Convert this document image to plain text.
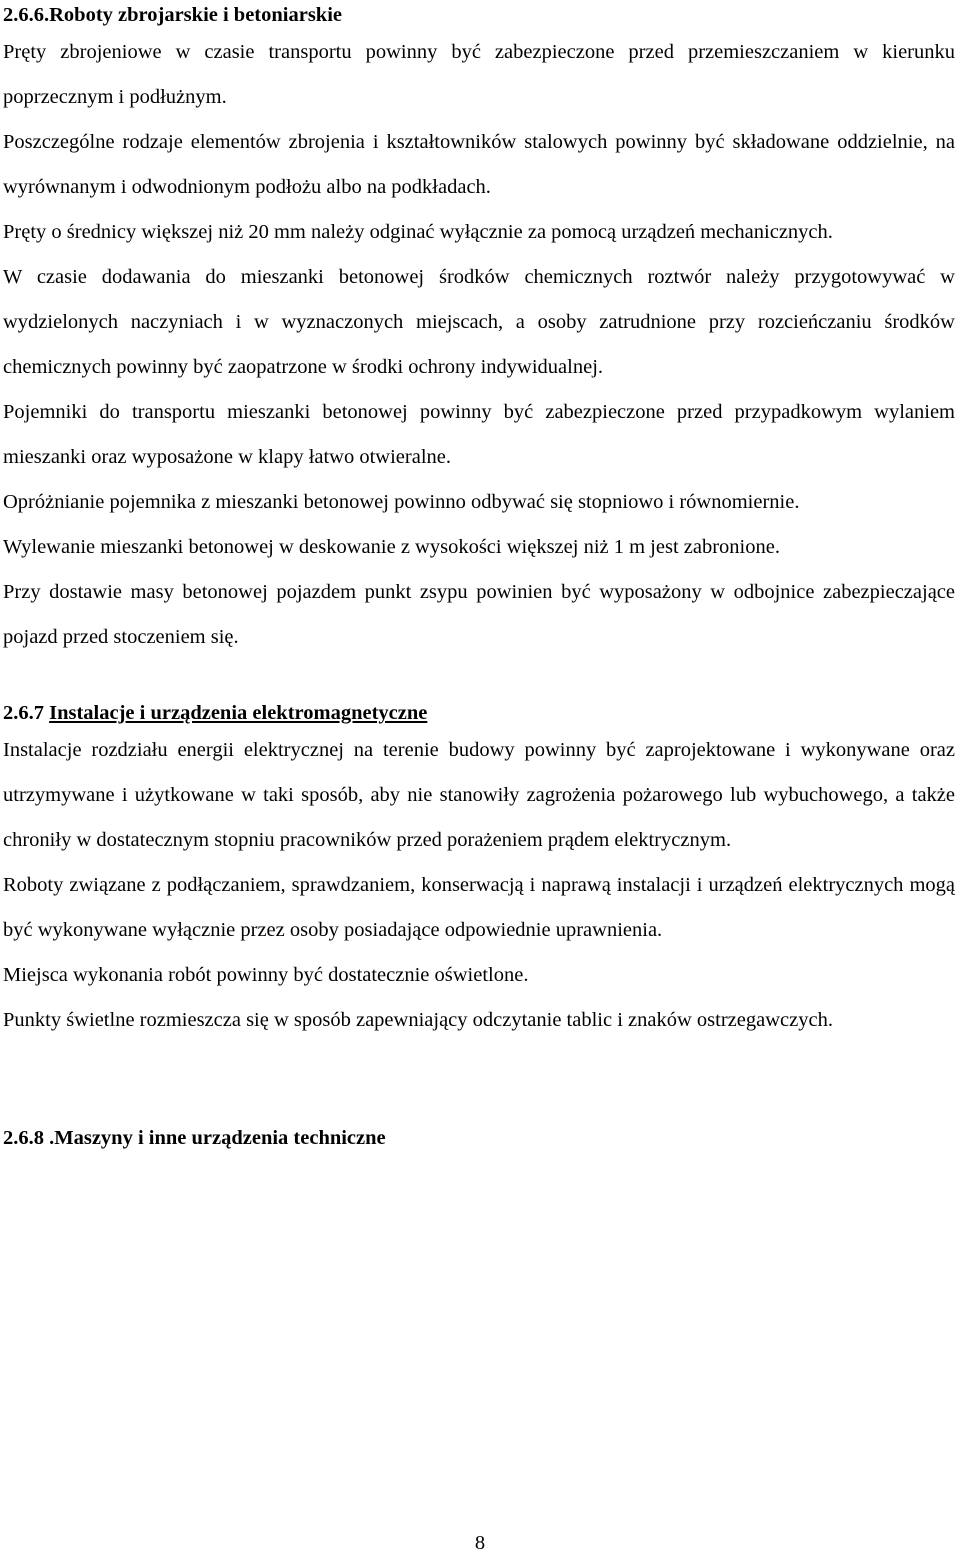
2.6.6.Roboty zbrojarskie i betoniarskie

Pręty zbrojeniowe w czasie transportu powinny być zabezpieczone przed przemieszczaniem w kierunku poprzecznym i podłużnym.

Poszczególne rodzaje elementów zbrojenia i kształtowników stalowych powinny być składowane oddzielnie, na wyrównanym i odwodnionym podłożu albo na podkładach.

Pręty o średnicy większej niż 20 mm należy odginać wyłącznie za pomocą urządzeń mechanicznych.

W czasie dodawania do mieszanki betonowej środków chemicznych roztwór należy przygotowywać w wydzielonych naczyniach i w wyznaczonych miejscach, a osoby zatrudnione przy rozcieńczaniu środków chemicznych powinny być zaopatrzone w środki ochrony indywidualnej.

Pojemniki do transportu mieszanki betonowej powinny być zabezpieczone przed przypadkowym wylaniem mieszanki oraz wyposażone w klapy łatwo otwieralne.

Opróżnianie pojemnika z mieszanki betonowej powinno odbywać się stopniowo i równomiernie.

Wylewanie mieszanki betonowej w deskowanie z wysokości większej niż 1 m jest zabronione.

Przy dostawie masy betonowej pojazdem punkt zsypu powinien być wyposażony w odbojnice zabezpieczające pojazd przed stoczeniem się.

2.6.7 Instalacje i urządzenia elektromagnetyczne

Instalacje rozdziału energii elektrycznej na terenie budowy powinny być zaprojektowane i wykonywane oraz utrzymywane i użytkowane w taki sposób, aby nie stanowiły zagrożenia pożarowego lub wybuchowego, a także chroniły w dostatecznym stopniu pracowników przed porażeniem prądem elektrycznym.

Roboty związane z podłączaniem, sprawdzaniem, konserwacją i naprawą instalacji i urządzeń elektrycznych mogą być wykonywane wyłącznie przez osoby posiadające odpowiednie uprawnienia.

Miejsca wykonania robót powinny być dostatecznie oświetlone.

Punkty świetlne rozmieszcza się w sposób zapewniający odczytanie tablic i znaków ostrzegawczych.

2.6.8 .Maszyny i inne urządzenia techniczne
8
